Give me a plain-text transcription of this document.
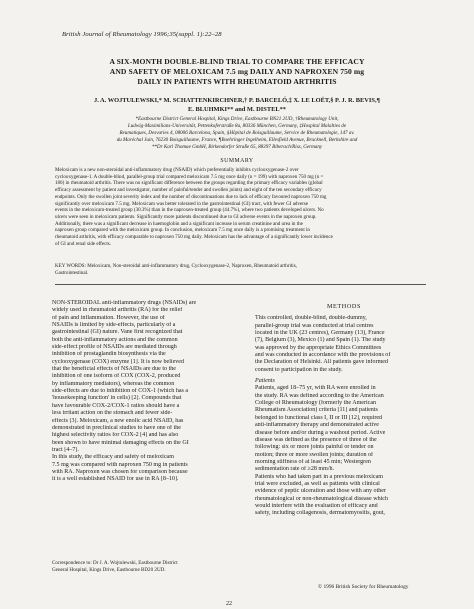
British Journal of Rheumatology 1996;35(suppl. 1):22–28
A SIX-MONTH DOUBLE-BLIND TRIAL TO COMPARE THE EFFICACY
AND SAFETY OF MELOXICAM 7.5 mg DAILY AND NAPROXEN 750 mg
DAILY IN PATIENTS WITH RHEUMATOID ARTHRITIS
J. A. WOJTULEWSKI,* M. SCHATTENKIRCHNER,† P. BARCELÓ,‡ X. LE LOËT,§ P. J. R. BEVIS,¶
E. BLUHMKI** and M. DISTEL**
*Eastbourne District General Hospital, Kings Drive, Eastbourne BN21 2UD, †Rheumatology Unit,
Ludwig-Maximilians-Universität, Pettenkoferstraße 8a, 80336 München, Germany, ‡Hospital Malalties de
Reumatiques, Desvaries 4, 08006 Barcelona, Spain, §Hôpital de Boisguillaume, Service de Rheumatologie, 147 av.
du Maréchal Juin, 76230 Boisguillaume, France, ¶Boehringer Ingelheim, Ellesfield Avenue, Bracknell, Berkshire and
**Dr Karl Thomae GmbH, Birkendorfer Straße 65, 88397 Biberach/Riss, Germany
SUMMARY
Meloxicam is a new non-steroidal anti-inflammatory drug (NSAID) which preferentially inhibits cyclooxygenase-2 over
cyclooxygenase-1. A double-blind, parallel-group trial compared meloxicam 7.5 mg once daily (n = 199) with naproxen 750 mg (n =
180) in rheumatoid arthritis. There was no significant difference between the groups regarding the primary efficacy variables (global
efficacy assessment by patient and investigator, number of painful/tender and swollen joints) and eight of the ten secondary efficacy
endpoints. Only the swollen joint severity index and the number of discontinuations due to lack of efficacy favoured naproxen 750 mg
significantly over meloxicam 7.5 mg. Meloxicam was better tolerated in the gastrointestinal (GI) tract, with fewer GI adverse
events in the meloxicam-treated group (30.3%) than in the naproxen-treated group (44.7%), where two patients developed ulcers. No
ulcers were seen in meloxicam patients. Significantly more patients discontinued due to GI adverse events in the naproxen group.
Additionally, there was a significant decrease in haemoglobin and a significant increase in serum creatinine and urea in the
naproxen group compared with the meloxicam group. In conclusion, meloxicam 7.5 mg once daily is a promising treatment in
rheumatoid arthritis, with efficacy comparable to naproxen 750 mg daily. Meloxicam has the advantage of a significantly lower incidence
of GI and renal side effects.
KEY WORDS: Meloxicam, Non-steroidal anti-inflammatory drug, Cyclooxygenase-2, Naproxen, Rheumatoid arthritis,
Gastrointestinal.
NON-STEROIDAL anti-inflammatory drugs (NSAIDs) are
widely used in rheumatoid arthritis (RA) for the relief
of pain and inflammation. However, the use of
NSAIDs is limited by side-effects, particularly of a
gastrointestinal (GI) nature. Vane first recognized that
both the anti-inflammatory actions and the common
side-effect profile of NSAIDs are mediated through
inhibition of prostaglandin biosynthesis via the
cyclooxygenase (COX) enzyme [1]. It is now believed
that the beneficial effects of NSAIDs are due to the
inhibition of one isoform of COX (COX-2, produced
by inflammatory mediators), whereas the common
side-effects are due to inhibition of COX-1 (which has a
'housekeeping function' in cells) [2]. Compounds that
have favourable COX-2/COX-1 ratios should have a
less irritant action on the stomach and fewer side-
effects [3]. Meloxicam, a new enolic acid NSAID, has
demonstrated in preclinical studies to have one of the
highest selectivity ratios for COX-2 [4] and has also
been shown to have minimal damaging effects on the GI
tract [4–7].
In this study, the efficacy and safety of meloxicam
7.5 mg was compared with naproxen 750 mg in patients
with RA. Naproxen was chosen for comparison because
it is a well established NSAID for use in RA [8–10].
Correspondence to: Dr J. A. Wojtulewski, Eastbourne District
General Hospital, Kings Drive, Eastbourne BD20 2UD.
METHODS
This controlled, double-blind, double-dummy,
parallel-group trial was conducted at trial centres
located in the UK (23 centres), Germany (13), France
(7), Belgium (3), Mexico (1) and Spain (1). The study
was approved by the appropriate Ethics Committees
and was conducted in accordance with the provisions of
the Declaration of Helsinki. All patients gave informed
consent to participation in the study.
Patients
Patients, aged 18–75 yr, with RA were enrolled in
the study. RA was defined according to the American
College of Rheumatology (formerly the American
Rheumatism Association) criteria [11] and patients
belonged to functional class I, II or III [12], required
anti-inflammatory therapy and demonstrated active
disease before and/or during a washout period. Active
disease was defined as the presence of three of the
following: six or more joints painful or tender on
motion; three or more swollen joints; duration of
morning stiffness of at least 45 min; Westergren
sedimentation rate of ≥28 mm/h.
Patients who had taken part in a previous meloxicam
trial were excluded, as well as patients with clinical
evidence of peptic ulceration and those with any other
rheumatological or non-rheumatological disease which
would interfere with the evaluation of efficacy and
safety, including collagenosis, dermatomyositis, gout,
© 1996 British Society for Rheumatology
22
